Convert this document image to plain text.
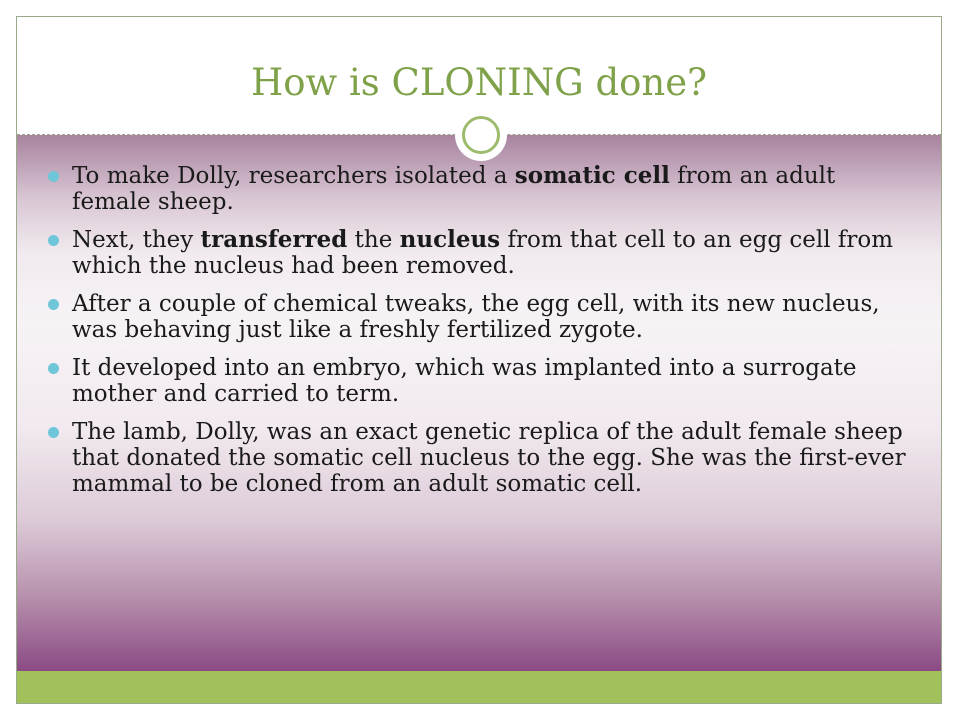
How is CLONING done?
To make Dolly, researchers isolated a somatic cell from an adult female sheep.
Next, they transferred the nucleus from that cell to an egg cell from which the nucleus had been removed.
After a couple of chemical tweaks, the egg cell, with its new nucleus, was behaving just like a freshly fertilized zygote.
It developed into an embryo, which was implanted into a surrogate mother and carried to term.
The lamb, Dolly, was an exact genetic replica of the adult female sheep that donated the somatic cell nucleus to the egg. She was the first-ever mammal to be cloned from an adult somatic cell.
